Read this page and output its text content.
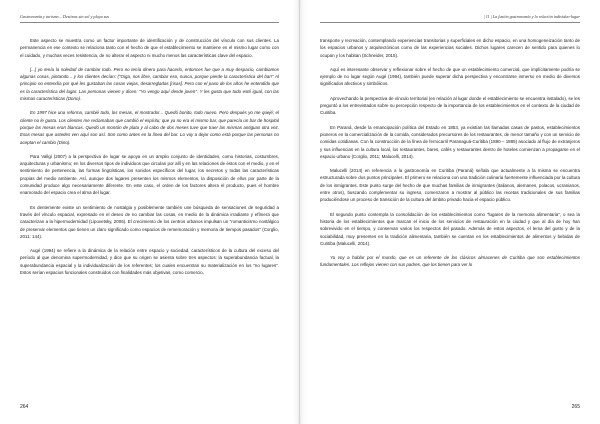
Gastronomía y turismo – Destinos sin sol y playa sus

Este aspecto se muestra como un factor importante de identificación y de construcción del vínculo con sus clientes. La permanencia en ese contexto se relaciona tanto con el hecho de que el establecimiento se mantiene en el mismo lugar como con el cuidado, y muchas veces resistencia, de no alterar el aspecto ni mucho menos las características clave del espacio.

[...] yo tenía la soledad de cambiar todo. Pero no tenía dinero para hacerlo, entonces fue que a muy despacio, cambiamos algunas cosas, pintando... y los clientes decían: ("Oiga, nos libre, cambiar eso, nunca, porque pierde la característica del bar!" Al principio no entendía por qué les gustaban las cosas viejas, desarregladas [risas]. Pero con el paso de los años he entendido que es la característica del lugar. Las personas vienen y dicen: "Yo vengo aquí desde joven". Y les gusta que todo esté igual, con las mismas características (Dono).

En 1997 hice una reforma, cambié todo, los mesas, el mostrador... Quedó bonito, todo nuevo. Pero después yo me quejé; el cliente no le gusta. Los clientes me reclamaban que cambió el espíritu; que ya no era el mismo bar, que parecía un bar de hospital porque las mesas eran blancas. Quedó un montón de plata y al cabo de dos meses tuve que traer las mismas antiguas otra vez. Esas mesas que ustedes ven aquí son así. Son como antes en la línea del bar. Lo voy a dejar como está porque las personas no aceptan el cambio (Dino).

Para Vallgi (2007) a la perspectiva de lugar se apoya en un amplio conjunto de identidades, como historias, costumbres, arquitecturas y urbanismo; en los diversos tipos de individuos que circulan por allí y en las relaciones de éstos con el medio, y en el sentimiento de pertenencia, las formas lingüísticas, los sonidos específicos del lugar, los secretos y todas las características propias del medio ambiente. Así, aunque dos lugares presenten los mismos elementos, la disposición de ellos por parte de la comunidad produce algo necesariamente diferente. En este caso, el orden de los factores altera el producto, pues el hombre enamorado del espacio crea el alma del lugar.

Es dentemente existe un sentimiento de nostalgia y posiblemente también une búsqueda de sensaciones de seguridad a través del vínculo espacial, expresado en el deseo de no cambiar las cosas, en medio de la dinámica irradiante y efímera que caracterizan a la hipermodernidad (Lipovetsky, 2006). El crecimiento de los centros urbanos impulsan un "romanticismo nostálgico de preservar elementos que tienen un claro significado como espacios de rememoración y memoria de tiempos pasados" (Corglio, 2011: 144).

Augé (1994) se refiere a la dinámica de la relación entre espacio y sociedad, característicos de la cultura del exceso del período al que denomina supermodernidad, y dice que su origen se asienta sobre tres aspectos: la superabundancia factual, la superabundancia espacial y la individualización de los referentes; los cuales encuentran su materialización en los "no lugares". Estos serían espacios funcionales construidos con finalidades más objetivas, como comercio,

264
| 11 | La fusión gastronomía y lo relación individuo-lugar

transporte y recreación, contemplando experiencias transitorias y superficiales en dicho espacio, en una homogeneización tanto de los espacios urbanos y arquitectónicos como de las experiencias sociales. Dichos lugares carecen de sentido para quienes lo ocupan y los habitan (Schneider, 2015).

Aquí es interesante observar y reflexionar sobre el hecho de que un establecimiento comercial, que implícitamente podría se ejemplo de no lugar según Augé (1994), también puede superar dicha perspectiva y encontrarse inmerso en medio de diversos significados afectivos y simbólicos.

Aprovechando la perspectiva de vínculo territorial (en relación al lugar donde el establecimiento se encuentra instalado), se les preguntó a los entrevistados sobre su percepción respecto de la importancia de los establecimientos en el contexto de la ciudad de Curitiba.

En Paraná, desde la emancipación política del Estado en 1853, ya existían las llamadas casas de pastos, establecimientos pioneros en la comercialización de la comida, considerados precursores de los restaurantes, de menor tamaño y con un servicio de comidas cotidianas. Con la construcción de la línea de ferrocarril Paranaguá-Curitiba (1880 – 1885) asociado al flujo de extranjeros y sus influencias en la cultura local, los restaurantes, bares, cafés y restaurantes dentro de hoteles comienzan a propagarse en el espacio urbano (Corglio, 2011; Malucelli, 2014).

Malucelli (2014) en referencia a la gastronomía en Curitiba (Paraná) señala que actualmente a la misma se encuentra estructurada sobre dos puntos principales. El primero se relaciona con una tradición culinaria fuertemente influenciada por la cultura de los inmigrantes. Este punto surge del hecho de que muchas familias de inmigrantes (italianos, alemanes, polacos, ucranianos, entre otros), buscando complementar su ingreso, comenzaron a mostrar al público las recetas tradicionales de sus familias produciéndose un proceso de transición de la cultura del ámbito privado hacia el espacio público.

El segundo punto contempla la consolidación de los establecimientos como "lugares de la memoria alimentaria", o sea la historia de los establecimientos que marcan el inicio de los servicios de restauración en la ciudad y que al día de hoy han sobrevivido en el tiempo, y conservan varios los respectos del pasado. Además de estos aspectos, el tema del gusto y de la sociabilidad, muy presentes en la tradición alimentaria, también se cuentan en los establecimientos de alimentos y bebidas de Curitiba (Malucelli, 2014).

Yo voy a hablar por el mundo, que es un referente de los clásicos almacenes de Curitiba que son establecimientos fundamentales. Los reflejos vienen con sus padres, que los tienen para ver lo

265
